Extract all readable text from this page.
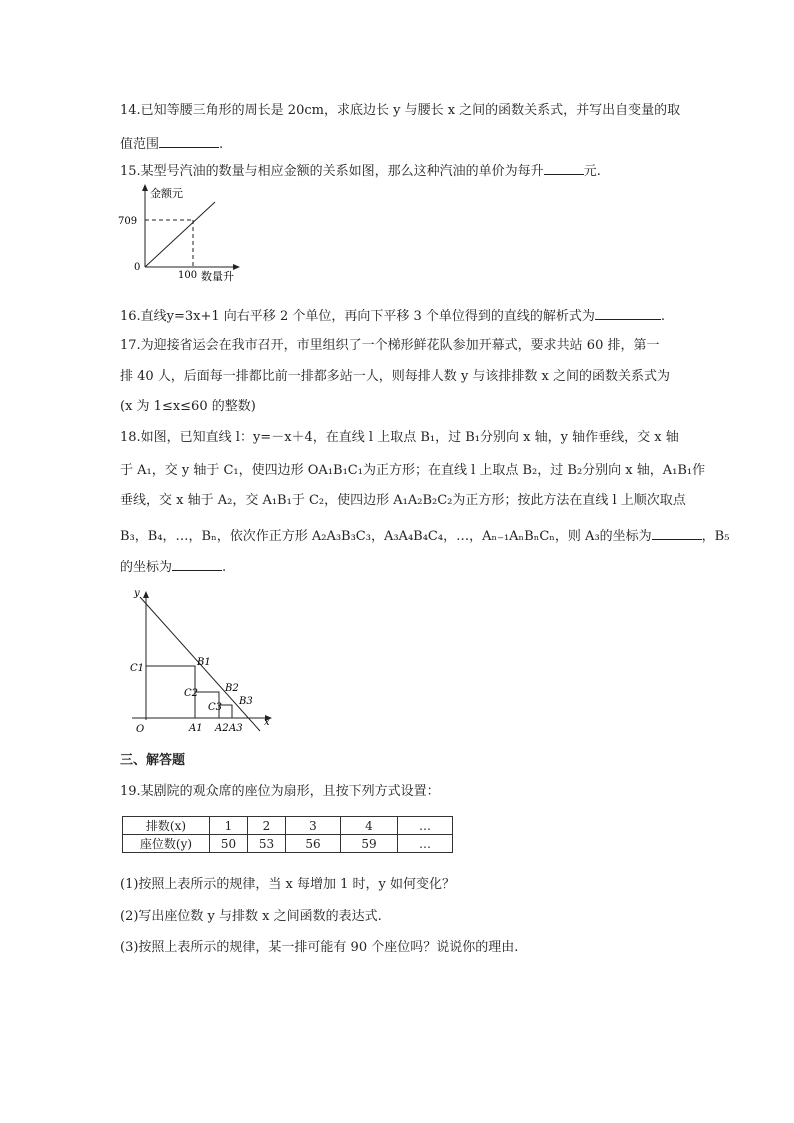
14.已知等腰三角形的周长是 20cm，求底边长 y 与腰长 x 之间的函数关系式，并写出自变量的取
值范围	.
15.某型号汽油的数量与相应金额的关系如图，那么这种汽油的单价为每升	元.
金额元
709
0
100 数量升
16.直线y=3x+1 向右平移 2 个单位，再向下平移 3 个单位得到的直线的解析式为	.
17.为迎接省运会在我市召开，市里组织了一个梯形鲜花队参加开幕式，要求共站 60 排，第一
排 40 人，后面每一排都比前一排都多站一人，则每排人数 y 与该排排数 x 之间的函数关系式为
(x 为 1≤x≤60 的整数)
18.如图，已知直线 l：y=－x＋4，在直线 l 上取点 B₁，过 B₁分别向 x 轴，y 轴作垂线，交 x 轴
于 A₁，交 y 轴于 C₁，使四边形 OA₁B₁C₁为正方形；在直线 l 上取点 B₂，过 B₂分别向 x 轴，A₁B₁作
垂线，交 x 轴于 A₂，交 A₁B₁于 C₂，使四边形 A₁A₂B₂C₂为正方形；按此方法在直线 l 上顺次取点
B₃，B₄，…，Bₙ，依次作正方形 A₂A₃B₃C₃，A₃A₄B₄C₄，…，Aₙ₋₁AₙBₙCₙ，则 A₃的坐标为	，B₅
的坐标为	.
y
x
O
C1
B1
C2	B2
C3
B3
A1 A2 A3
三、解答题
19.某剧院的观众席的座位为扇形，且按下列方式设置：
排数(x)	1	2	3	4	…
座位数(y)	50	53	56	59	…
(1)按照上表所示的规律，当 x 每增加 1 时，y 如何变化？
(2)写出座位数 y 与排数 x 之间函数的表达式.
(3)按照上表所示的规律，某一排可能有 90 个座位吗？说说你的理由.
